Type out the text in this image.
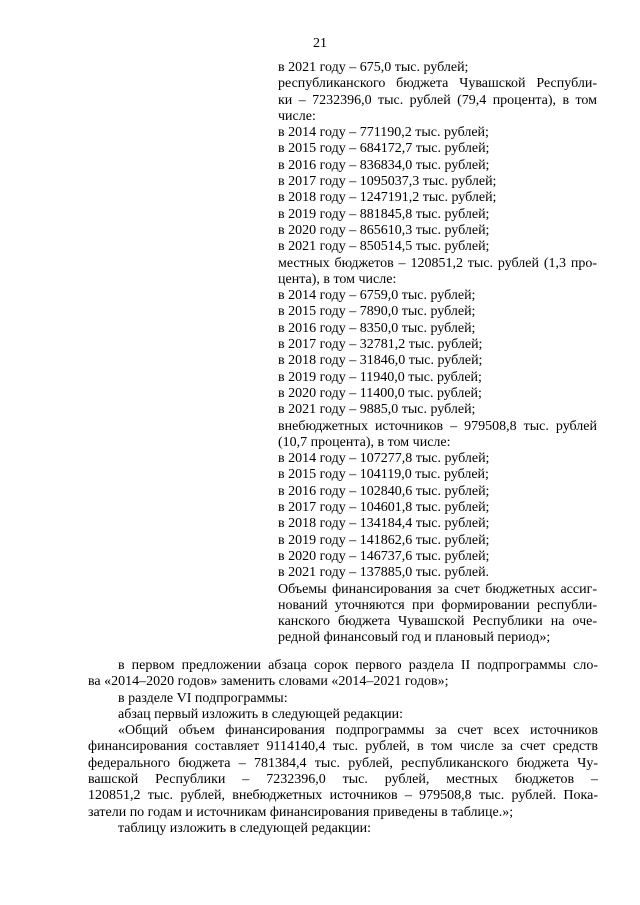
21
в 2021 году – 675,0 тыс. рублей;
республиканского бюджета Чувашской Республи-
ки – 7232396,0 тыс. рублей (79,4 процента), в том
числе:
в 2014 году – 771190,2 тыс. рублей;
в 2015 году – 684172,7 тыс. рублей;
в 2016 году – 836834,0 тыс. рублей;
в 2017 году – 1095037,3 тыс. рублей;
в 2018 году – 1247191,2 тыс. рублей;
в 2019 году – 881845,8 тыс. рублей;
в 2020 году – 865610,3 тыс. рублей;
в 2021 году – 850514,5 тыс. рублей;
местных бюджетов – 120851,2 тыс. рублей (1,3 про-
цента), в том числе:
в 2014 году – 6759,0 тыс. рублей;
в 2015 году – 7890,0 тыс. рублей;
в 2016 году – 8350,0 тыс. рублей;
в 2017 году – 32781,2 тыс. рублей;
в 2018 году – 31846,0 тыс. рублей;
в 2019 году – 11940,0 тыс. рублей;
в 2020 году – 11400,0 тыс. рублей;
в 2021 году – 9885,0 тыс. рублей;
внебюджетных источников – 979508,8 тыс. рублей
(10,7 процента), в том числе:
в 2014 году – 107277,8 тыс. рублей;
в 2015 году – 104119,0 тыс. рублей;
в 2016 году – 102840,6 тыс. рублей;
в 2017 году – 104601,8 тыс. рублей;
в 2018 году – 134184,4 тыс. рублей;
в 2019 году – 141862,6 тыс. рублей;
в 2020 году – 146737,6 тыс. рублей;
в 2021 году – 137885,0 тыс. рублей.
Объемы финансирования за счет бюджетных ассиг-
нований уточняются при формировании республи-
канского бюджета Чувашской Республики на оче-
редной финансовый год и плановый период»;
в первом предложении абзаца сорок первого раздела II подпрограммы сло-
ва «2014–2020 годов» заменить словами «2014–2021 годов»;
в разделе VI подпрограммы:
абзац первый изложить в следующей редакции:
«Общий объем финансирования подпрограммы за счет всех источников
финансирования составляет 9114140,4 тыс. рублей, в том числе за счет средств
федерального бюджета – 781384,4 тыс. рублей, республиканского бюджета Чу-
вашской Республики – 7232396,0 тыс. рублей, местных бюджетов –
120851,2 тыс. рублей, внебюджетных источников – 979508,8 тыс. рублей. Пока-
затели по годам и источникам финансирования приведены в таблице.»;
таблицу изложить в следующей редакции:
